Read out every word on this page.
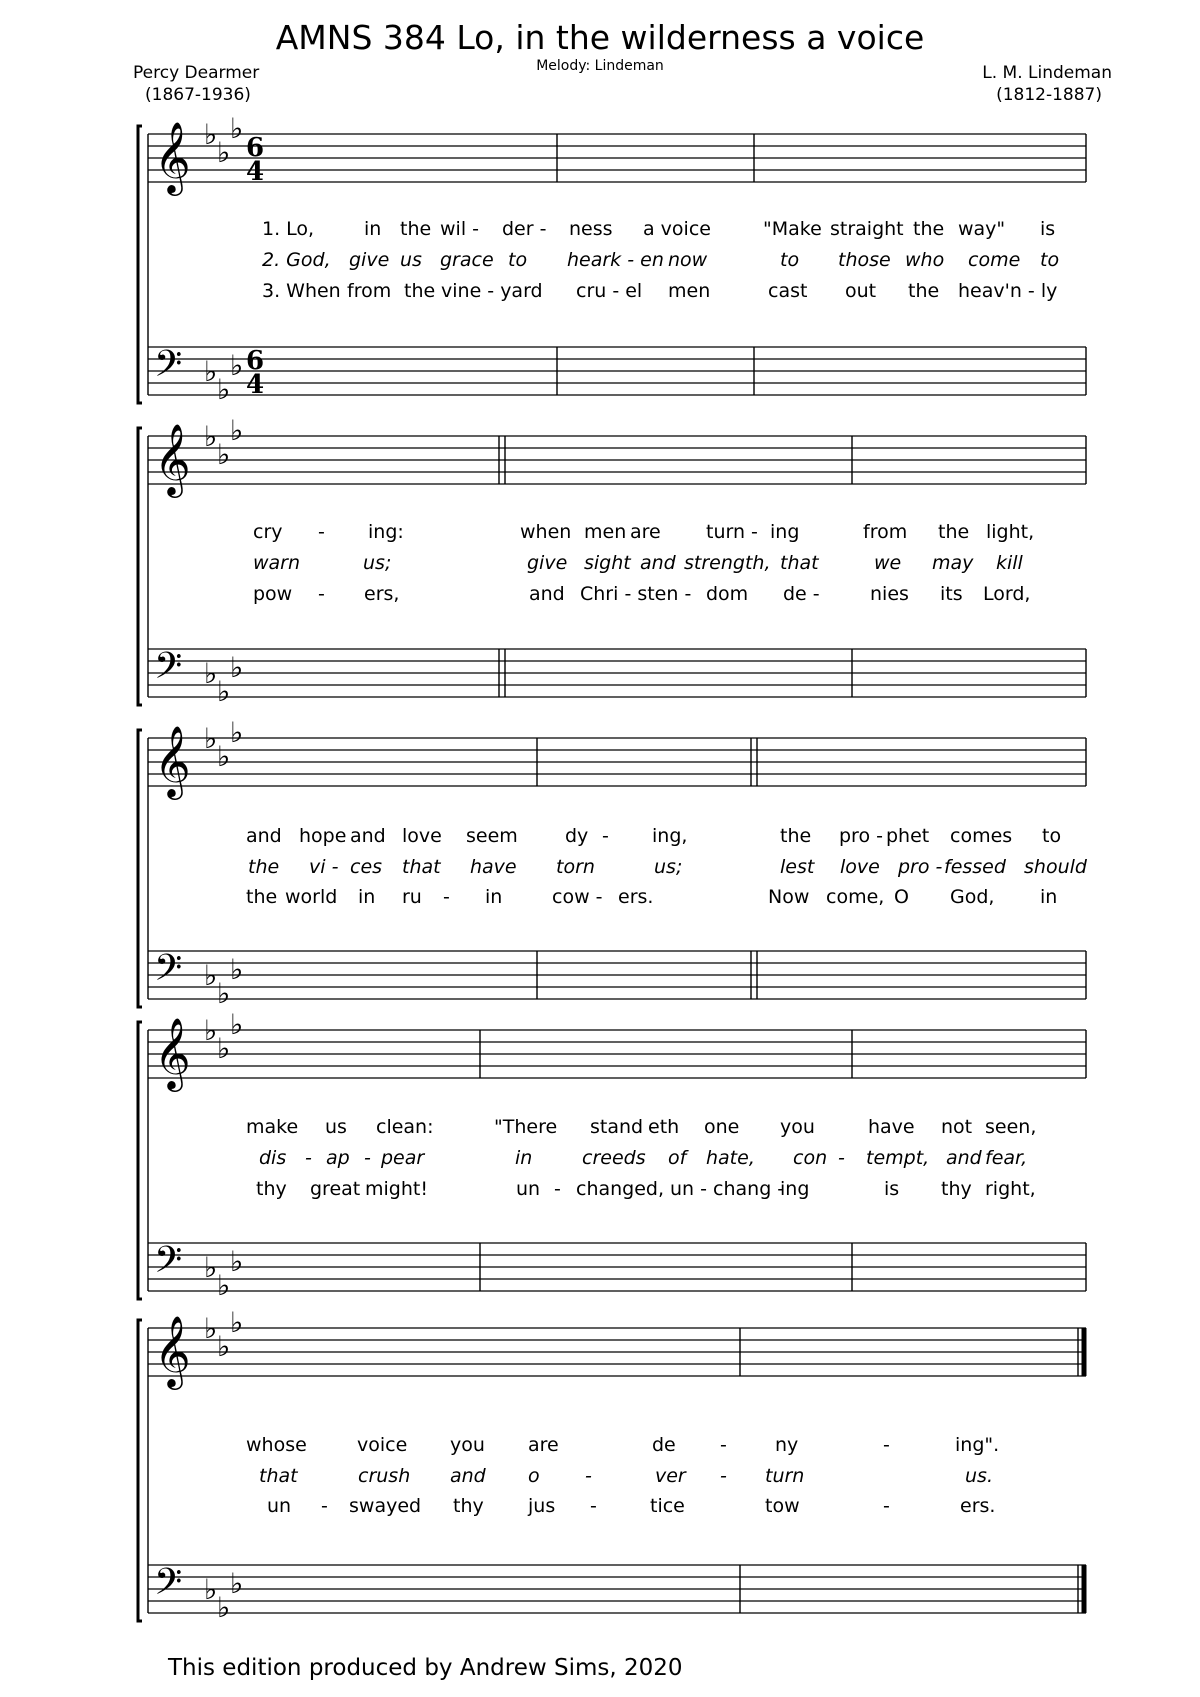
AMNS 384 Lo, in the wilderness a voice
Percy Dearmer
(1867-1936)
Melody: Lindeman	L. M. Lindeman
(1812-1887)
𝄞 ♭
♭
♭
6
4
𝄢 ♭
♭
♭ 6
4
𝄞 ♭
♭
♭
𝄢 ♭
♭
♭
𝄞 ♭
♭
♭
𝄢 ♭
♭
♭
𝄞 ♭
♭
♭
𝄢 ♭
♭
♭
𝄞 ♭
♭
♭
𝄢 ♭
♭
♭
1. Lo,	in the wil - der - ness a voice	"Make straight the way" is
2. God, give us grace to heark - en now	to those who come to
3. When from the vine - yard cru - el men	cast out the heav'n - ly
cry - ing:	when men are turn - ing	from the light,
warn	us;	give sight and strength, that	we may kill
pow - ers,	and Chri - sten - dom de -	nies its Lord,
and hope and love seem dy - ing,	the pro - phet comes to
the vi - ces that have torn	us;	lest love pro - fessed should
the world in ru - in	cow - ers.	Now come, O God, in
make us clean:	"There stand -
eth one you	have not seen,
dis - ap - pear	in	creeds of hate, con - tempt, and fear,
thy great might!	un - changed, un - chang -
ing	is thy right,
whose	voice you are	de -	ny	-	ing".
that	crush and o -	ver - turn	us.
un - swayed thy jus -	tice	tow	-	ers.
This edition produced by Andrew Sims, 2020
